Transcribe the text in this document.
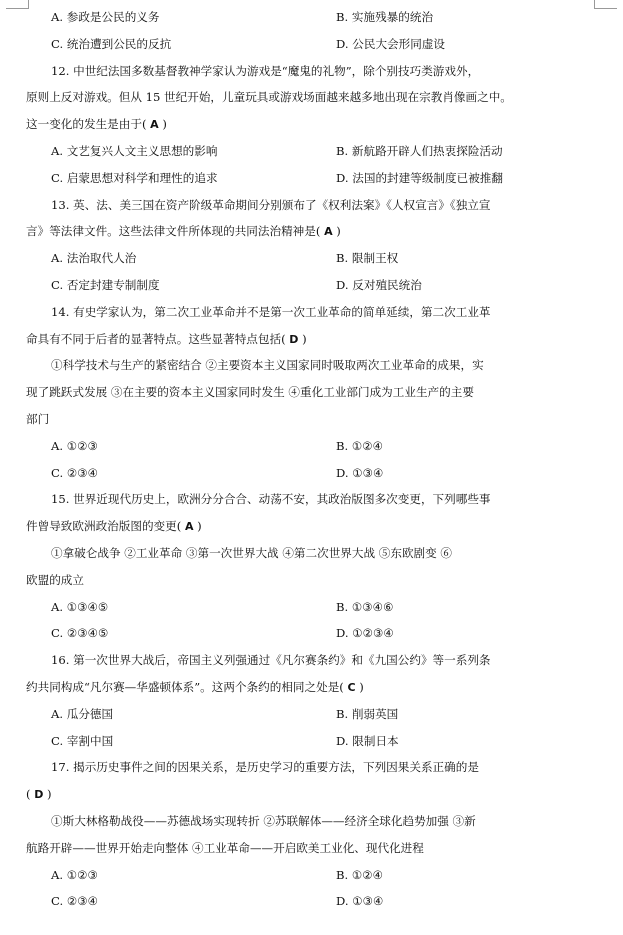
A. 参政是公民的义务	B. 实施残暴的统治
C. 统治遭到公民的反抗	D. 公民大会形同虚设
12. 中世纪法国多数基督教神学家认为游戏是“魔鬼的礼物”，除个别技巧类游戏外，
原则上反对游戏。但从 15 世纪开始，儿童玩具或游戏场面越来越多地出现在宗教肖像画之中。
这一变化的发生是由于( A )
A. 文艺复兴人文主义思想的影响	B. 新航路开辟人们热衷探险活动
C. 启蒙思想对科学和理性的追求	D. 法国的封建等级制度已被推翻
13. 英、法、美三国在资产阶级革命期间分别颁布了《权利法案》《人权宣言》《独立宣
言》等法律文件。这些法律文件所体现的共同法治精神是( A )
A. 法治取代人治	B. 限制王权
C. 否定封建专制制度	D. 反对殖民统治
14. 有史学家认为，第二次工业革命并不是第一次工业革命的简单延续，第二次工业革
命具有不同于后者的显著特点。这些显著特点包括( D )
①科学技术与生产的紧密结合 ②主要资本主义国家同时吸取两次工业革命的成果，实
现了跳跃式发展 ③在主要的资本主义国家同时发生 ④重化工业部门成为工业生产的主要
部门
A. ①②③	B. ①②④
C. ②③④	D. ①③④
15. 世界近现代历史上，欧洲分分合合、动荡不安，其政治版图多次变更，下列哪些事
件曾导致欧洲政治版图的变更( A )
①拿破仑战争 ②工业革命 ③第一次世界大战 ④第二次世界大战 ⑤东欧剧变 ⑥
欧盟的成立
A. ①③④⑤	B. ①③④⑥
C. ②③④⑤	D. ①②③④
16. 第一次世界大战后，帝国主义列强通过《凡尔赛条约》和《九国公约》等一系列条
约共同构成“凡尔赛—华盛顿体系”。这两个条约的相同之处是( C )
A. 瓜分德国	B. 削弱英国
C. 宰割中国	D. 限制日本
17. 揭示历史事件之间的因果关系，是历史学习的重要方法，下列因果关系正确的是
( D )
①斯大林格勒战役——苏德战场实现转折 ②苏联解体——经济全球化趋势加强 ③新
航路开辟——世界开始走向整体 ④工业革命——开启欧美工业化、现代化进程
A. ①②③	B. ①②④
C. ②③④	D. ①③④
